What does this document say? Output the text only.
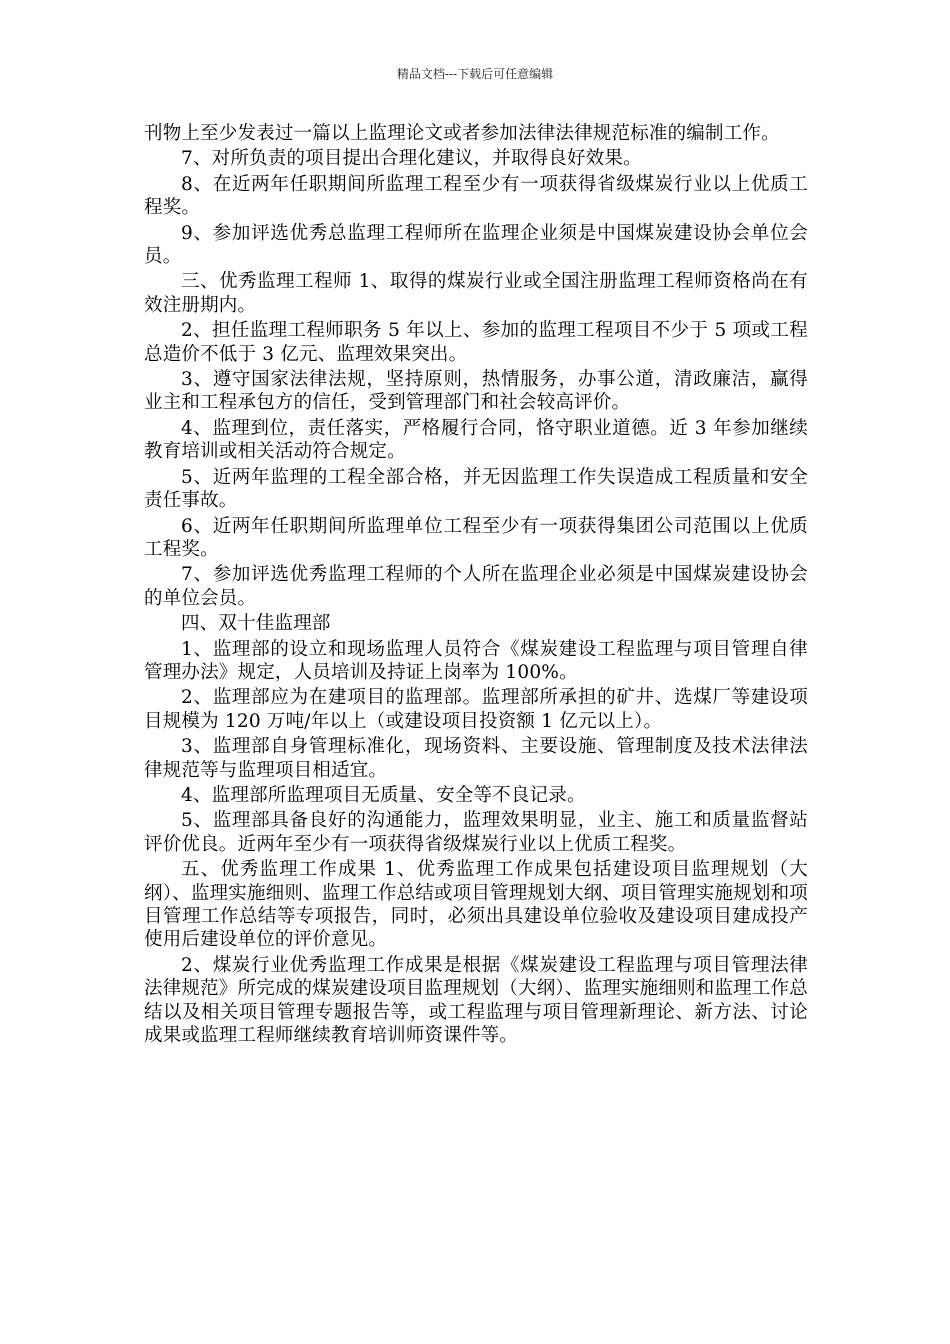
精品文档---下载后可任意编辑

刊物上至少发表过一篇以上监理论文或者参加法律法律规范标准的编制工作。

7、对所负责的项目提出合理化建议，并取得良好效果。

8、在近两年任职期间所监理工程至少有一项获得省级煤炭行业以上优质工程奖。

9、参加评选优秀总监理工程师所在监理企业须是中国煤炭建设协会单位会员。

三、优秀监理工程师 1、取得的煤炭行业或全国注册监理工程师资格尚在有效注册期内。

2、担任监理工程师职务 5 年以上、参加的监理工程项目不少于 5 项或工程总造价不低于 3 亿元、监理效果突出。

3、遵守国家法律法规，坚持原则，热情服务，办事公道，清政廉洁，赢得业主和工程承包方的信任，受到管理部门和社会较高评价。

4、监理到位，责任落实，严格履行合同，恪守职业道德。近 3 年参加继续教育培训或相关活动符合规定。

5、近两年监理的工程全部合格，并无因监理工作失误造成工程质量和安全责任事故。

6、近两年任职期间所监理单位工程至少有一项获得集团公司范围以上优质工程奖。

7、参加评选优秀监理工程师的个人所在监理企业必须是中国煤炭建设协会的单位会员。

四、双十佳监理部

1、监理部的设立和现场监理人员符合《煤炭建设工程监理与项目管理自律管理办法》规定，人员培训及持证上岗率为 100%。

2、监理部应为在建项目的监理部。监理部所承担的矿井、选煤厂等建设项目规模为 120 万吨/年以上（或建设项目投资额 1 亿元以上）。

3、监理部自身管理标准化，现场资料、主要设施、管理制度及技术法律法律规范等与监理项目相适宜。

4、监理部所监理项目无质量、安全等不良记录。

5、监理部具备良好的沟通能力，监理效果明显，业主、施工和质量监督站评价优良。近两年至少有一项获得省级煤炭行业以上优质工程奖。

五、优秀监理工作成果 1、优秀监理工作成果包括建设项目监理规划（大纲）、监理实施细则、监理工作总结或项目管理规划大纲、项目管理实施规划和项目管理工作总结等专项报告，同时，必须出具建设单位验收及建设项目建成投产使用后建设单位的评价意见。

2、煤炭行业优秀监理工作成果是根据《煤炭建设工程监理与项目管理法律法律规范》所完成的煤炭建设项目监理规划（大纲）、监理实施细则和监理工作总结以及相关项目管理专题报告等，或工程监理与项目管理新理论、新方法、讨论成果或监理工程师继续教育培训师资课件等。
